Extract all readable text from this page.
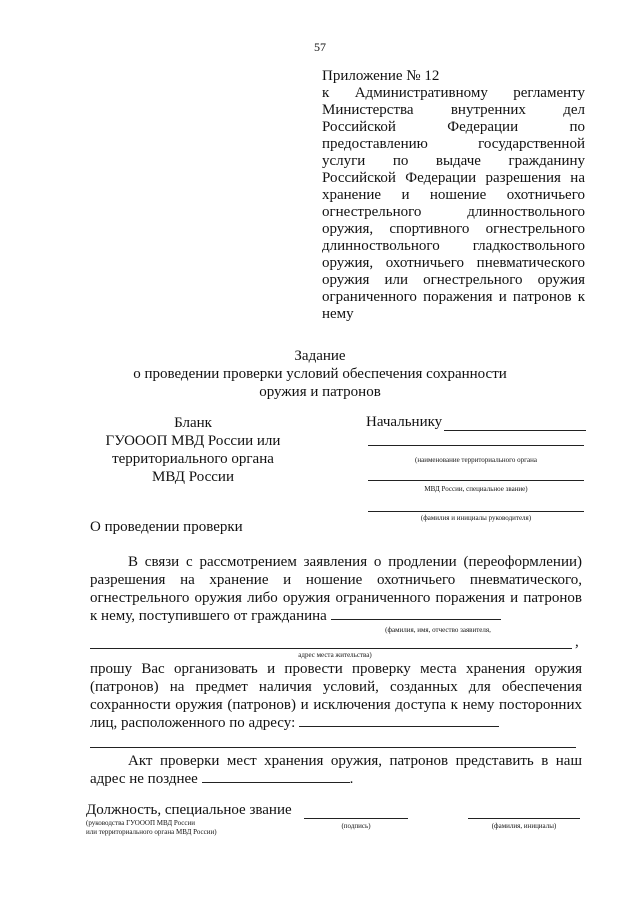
57
Приложение № 12
к Административному регламенту Министерства внутренних дел Российской Федерации по предоставлению государственной услуги по выдаче гражданину Российской Федерации разрешения на хранение и ношение охотничьего огнестрельного длинноствольного оружия, спортивного огнестрельного длинноствольного гладкоствольного оружия, охотничьего пневматического оружия или огнестрельного оружия ограниченного поражения и патронов к нему
Задание
о проведении проверки условий обеспечения сохранности
оружия и патронов
Бланк
ГУОООП МВД России или
территориального органа
МВД России
Начальнику
(наименование территориального органа
МВД России, специальное звание)
(фамилия и инициалы руководителя)
О проведении проверки
В связи с рассмотрением заявления о продлении (переоформлении) разрешения на хранение и ношение охотничьего пневматического, огнестрельного оружия либо оружия ограниченного поражения и патронов к нему, поступившего от гражданина
(фамилия, имя, отчество заявителя,
,
адрес места жительства)
прошу Вас организовать и провести проверку места хранения оружия (патронов) на предмет наличия условий, созданных для обеспечения сохранности оружия (патронов) и исключения доступа к нему посторонних лиц, расположенного по адресу:
Акт проверки мест хранения оружия, патронов представить в наш адрес не позднее	.
Должность, специальное звание
(руководства ГУОООП МВД России
или территориального органа МВД России)
(подпись)	(фамилия, инициалы)
